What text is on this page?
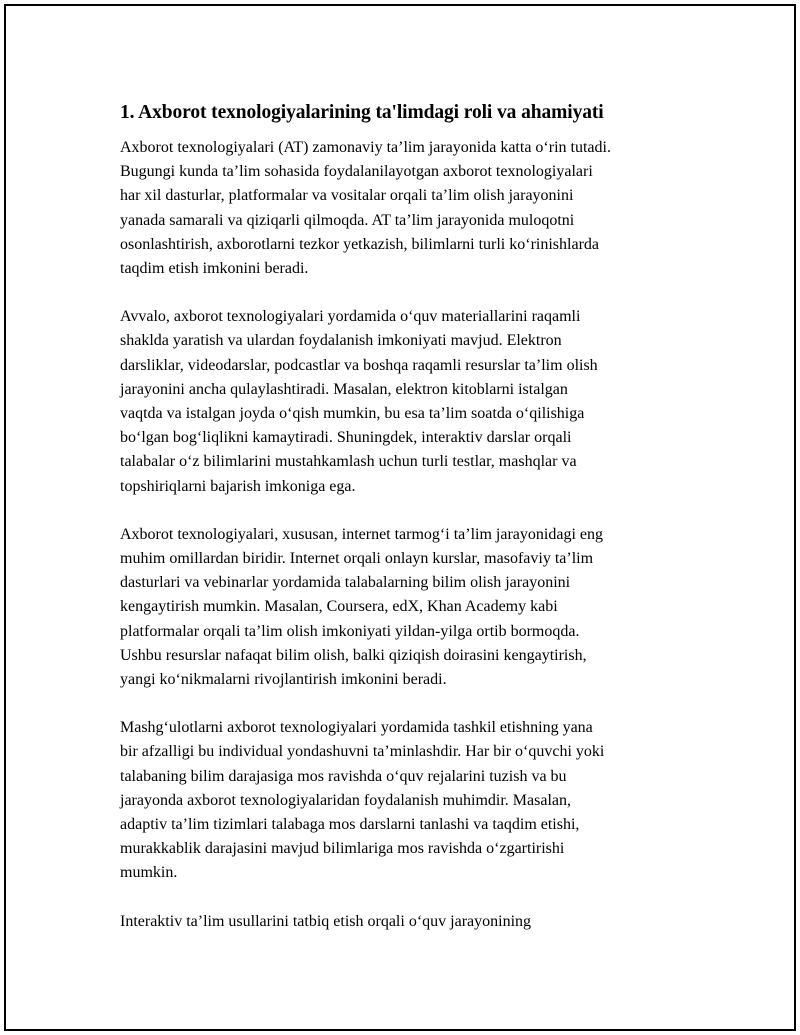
1. Axborot texnologiyalarining ta'limdagi roli va ahamiyati

Axborot texnologiyalari (AT) zamonaviy ta’lim jarayonida katta o‘rin tutadi.
Bugungi kunda ta’lim sohasida foydalanilayotgan axborot texnologiyalari
har xil dasturlar, platformalar va vositalar orqali ta’lim olish jarayonini
yanada samarali va qiziqarli qilmoqda. AT ta’lim jarayonida muloqotni
osonlashtirish, axborotlarni tezkor yetkazish, bilimlarni turli ko‘rinishlarda
taqdim etish imkonini beradi.

Avvalo, axborot texnologiyalari yordamida o‘quv materiallarini raqamli
shaklda yaratish va ulardan foydalanish imkoniyati mavjud. Elektron
darsliklar, videodarslar, podcastlar va boshqa raqamli resurslar ta’lim olish
jarayonini ancha qulaylashtiradi. Masalan, elektron kitoblarni istalgan
vaqtda va istalgan joyda o‘qish mumkin, bu esa ta’lim soatda o‘qilishiga
bo‘lgan bog‘liqlikni kamaytiradi. Shuningdek, interaktiv darslar orqali
talabalar o‘z bilimlarini mustahkamlash uchun turli testlar, mashqlar va
topshiriqlarni bajarish imkoniga ega.

Axborot texnologiyalari, xususan, internet tarmog‘i ta’lim jarayonidagi eng
muhim omillardan biridir. Internet orqali onlayn kurslar, masofaviy ta’lim
dasturlari va vebinarlar yordamida talabalarning bilim olish jarayonini
kengaytirish mumkin. Masalan, Coursera, edX, Khan Academy kabi
platformalar orqali ta’lim olish imkoniyati yildan-yilga ortib bormoqda.
Ushbu resurslar nafaqat bilim olish, balki qiziqish doirasini kengaytirish,
yangi ko‘nikmalarni rivojlantirish imkonini beradi.

Mashg‘ulotlarni axborot texnologiyalari yordamida tashkil etishning yana
bir afzalligi bu individual yondashuvni ta’minlashdir. Har bir o‘quvchi yoki
talabaning bilim darajasiga mos ravishda o‘quv rejalarini tuzish va bu
jarayonda axborot texnologiyalaridan foydalanish muhimdir. Masalan,
adaptiv ta’lim tizimlari talabaga mos darslarni tanlashi va taqdim etishi,
murakkablik darajasini mavjud bilimlariga mos ravishda o‘zgartirishi
mumkin.

Interaktiv ta’lim usullarini tatbiq etish orqali o‘quv jarayonining
